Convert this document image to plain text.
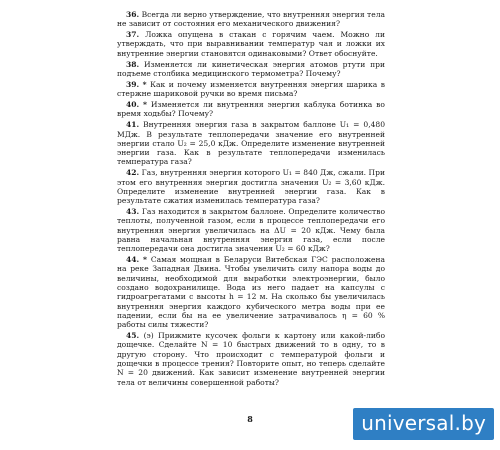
36. Всегда ли верно утверждение, что внутренняя энергия тела не зависит от состояния его механического движения?

37. Ложка опущена в стакан с горячим чаем. Можно ли утверждать, что при выравнивании температур чая и ложки их внутренние энергии становятся одинаковыми? Ответ обоснуйте.

38. Изменяется ли кинетическая энергия атомов ртути при подъеме столбика медицинского термометра? Почему?

39. * Как и почему изменяется внутренняя энергия шарика в стержне шариковой ручки во время письма?

40. * Изменяется ли внутренняя энергия каблука ботинка во время ходьбы? Почему?

41. Внутренняя энергия газа в закрытом баллоне U₁ = 0,480 МДж. В результате теплопередачи значение его внутренней энергии стало U₂ = 25,0 кДж. Определите изменение внутренней энергии газа. Как в результате теплопередачи изменилась температура газа?

42. Газ, внутренняя энергия которого U₁ = 840 Дж, сжали. При этом его внутренняя энергия достигла значения U₂ = 3,60 кДж. Определите изменение внутренней энергии газа. Как в результате сжатия изменилась температура газа?

43. Газ находится в закрытом баллоне. Определите количество теплоты, полученной газом, если в процессе теплопередачи его внутренняя энергия увеличилась на ΔU = 20 кДж. Чему была равна начальная внутренняя энергия газа, если после теплопередачи она достигла значения U₂ = 60 кДж?

44. * Самая мощная в Беларуси Витебская ГЭС расположена на реке Западная Двина. Чтобы увеличить силу напора воды до величины, необходимой для выработки электроэнергии, было создано водохранилище. Вода из него падает на капсулы с гидроагрегатами с высоты h = 12 м. На сколько бы увеличилась внутренняя энергия каждого кубического метра воды при ее падении, если бы на ее увеличение затрачивалось η = 60 % работы силы тяжести?

45. (э) Прижмите кусочек фольги к картону или какой-либо дощечке. Сделайте N = 10 быстрых движений то в одну, то в другую сторону. Что происходит с температурой фольги и дощечки в процессе трения? Повторите опыт, но теперь сделайте N = 20 движений. Как зависит изменение внутренней энергии тела от величины совершенной работы?

8	universal.by
